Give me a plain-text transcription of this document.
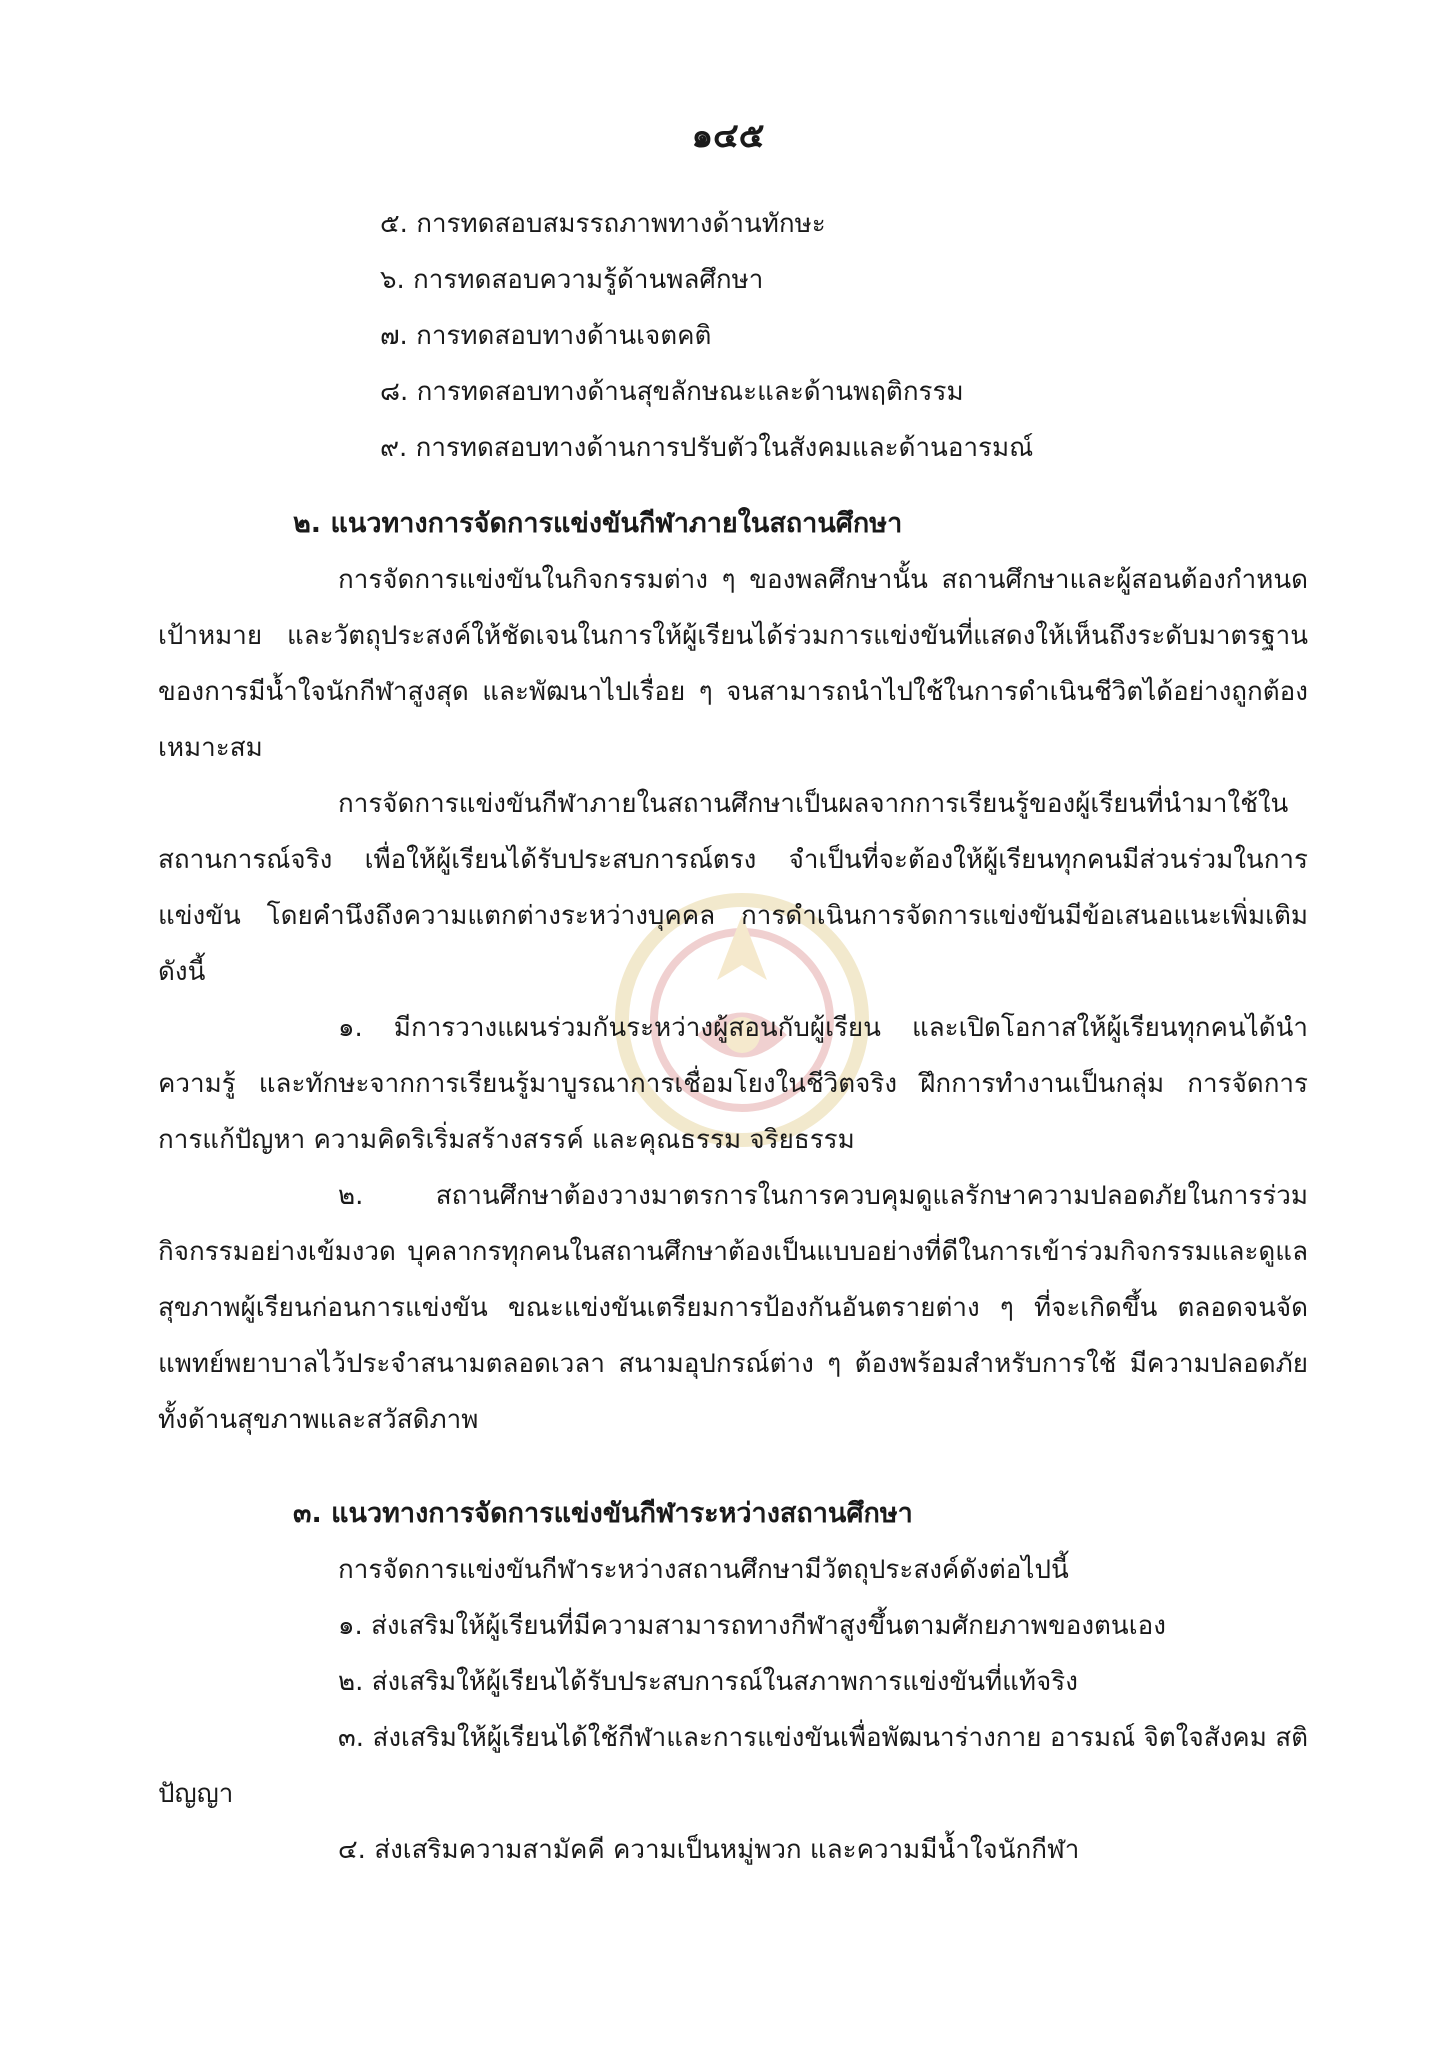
๑๔๕
๕. การทดสอบสมรรถภาพทางด้านทักษะ
๖. การทดสอบความรู้ด้านพลศึกษา
๗. การทดสอบทางด้านเจตคติ
๘. การทดสอบทางด้านสุขลักษณะและด้านพฤติกรรม
๙. การทดสอบทางด้านการปรับตัวในสังคมและด้านอารมณ์
๒. แนวทางการจัดการแข่งขันกีฬาภายในสถานศึกษา

การจัดการแข่งขันในกิจกรรมต่าง ๆ ของพลศึกษานั้น สถานศึกษาและผู้สอนต้องกำหนดเป้าหมาย และวัตถุประสงค์ให้ชัดเจนในการให้ผู้เรียนได้ร่วมการแข่งขันที่แสดงให้เห็นถึงระดับมาตรฐานของการมีน้ำใจนักกีฬาสูงสุด และพัฒนาไปเรื่อย ๆ จนสามารถนำไปใช้ในการดำเนินชีวิตได้อย่างถูกต้องเหมาะสม

การจัดการแข่งขันกีฬาภายในสถานศึกษาเป็นผลจากการเรียนรู้ของผู้เรียนที่นำมาใช้ในสถานการณ์จริง เพื่อให้ผู้เรียนได้รับประสบการณ์ตรง จำเป็นที่จะต้องให้ผู้เรียนทุกคนมีส่วนร่วมในการแข่งขัน โดยคำนึงถึงความแตกต่างระหว่างบุคคล การดำเนินการจัดการแข่งขันมีข้อเสนอแนะเพิ่มเติมดังนี้

๑. มีการวางแผนร่วมกันระหว่างผู้สอนกับผู้เรียน และเปิดโอกาสให้ผู้เรียนทุกคนได้นำความรู้ และทักษะจากการเรียนรู้มาบูรณาการเชื่อมโยงในชีวิตจริง ฝึกการทำงานเป็นกลุ่ม การจัดการ การแก้ปัญหา ความคิดริเริ่มสร้างสรรค์ และคุณธรรม จริยธรรม

๒. สถานศึกษาต้องวางมาตรการในการควบคุมดูแลรักษาความปลอดภัยในการร่วมกิจกรรมอย่างเข้มงวด บุคลากรทุกคนในสถานศึกษาต้องเป็นแบบอย่างที่ดีในการเข้าร่วมกิจกรรมและดูแลสุขภาพผู้เรียนก่อนการแข่งขัน ขณะแข่งขันเตรียมการป้องกันอันตรายต่าง ๆ ที่จะเกิดขึ้น ตลอดจนจัดแพทย์พยาบาลไว้ประจำสนามตลอดเวลา สนามอุปกรณ์ต่าง ๆ ต้องพร้อมสำหรับการใช้ มีความปลอดภัยทั้งด้านสุขภาพและสวัสดิภาพ

๓. แนวทางการจัดการแข่งขันกีฬาระหว่างสถานศึกษา

การจัดการแข่งขันกีฬาระหว่างสถานศึกษามีวัตถุประสงค์ดังต่อไปนี้

๑. ส่งเสริมให้ผู้เรียนที่มีความสามารถทางกีฬาสูงขึ้นตามศักยภาพของตนเอง

๒. ส่งเสริมให้ผู้เรียนได้รับประสบการณ์ในสภาพการแข่งขันที่แท้จริง

๓. ส่งเสริมให้ผู้เรียนได้ใช้กีฬาและการแข่งขันเพื่อพัฒนาร่างกาย อารมณ์ จิตใจสังคม สติปัญญา

๔. ส่งเสริมความสามัคคี ความเป็นหมู่พวก และความมีน้ำใจนักกีฬา
